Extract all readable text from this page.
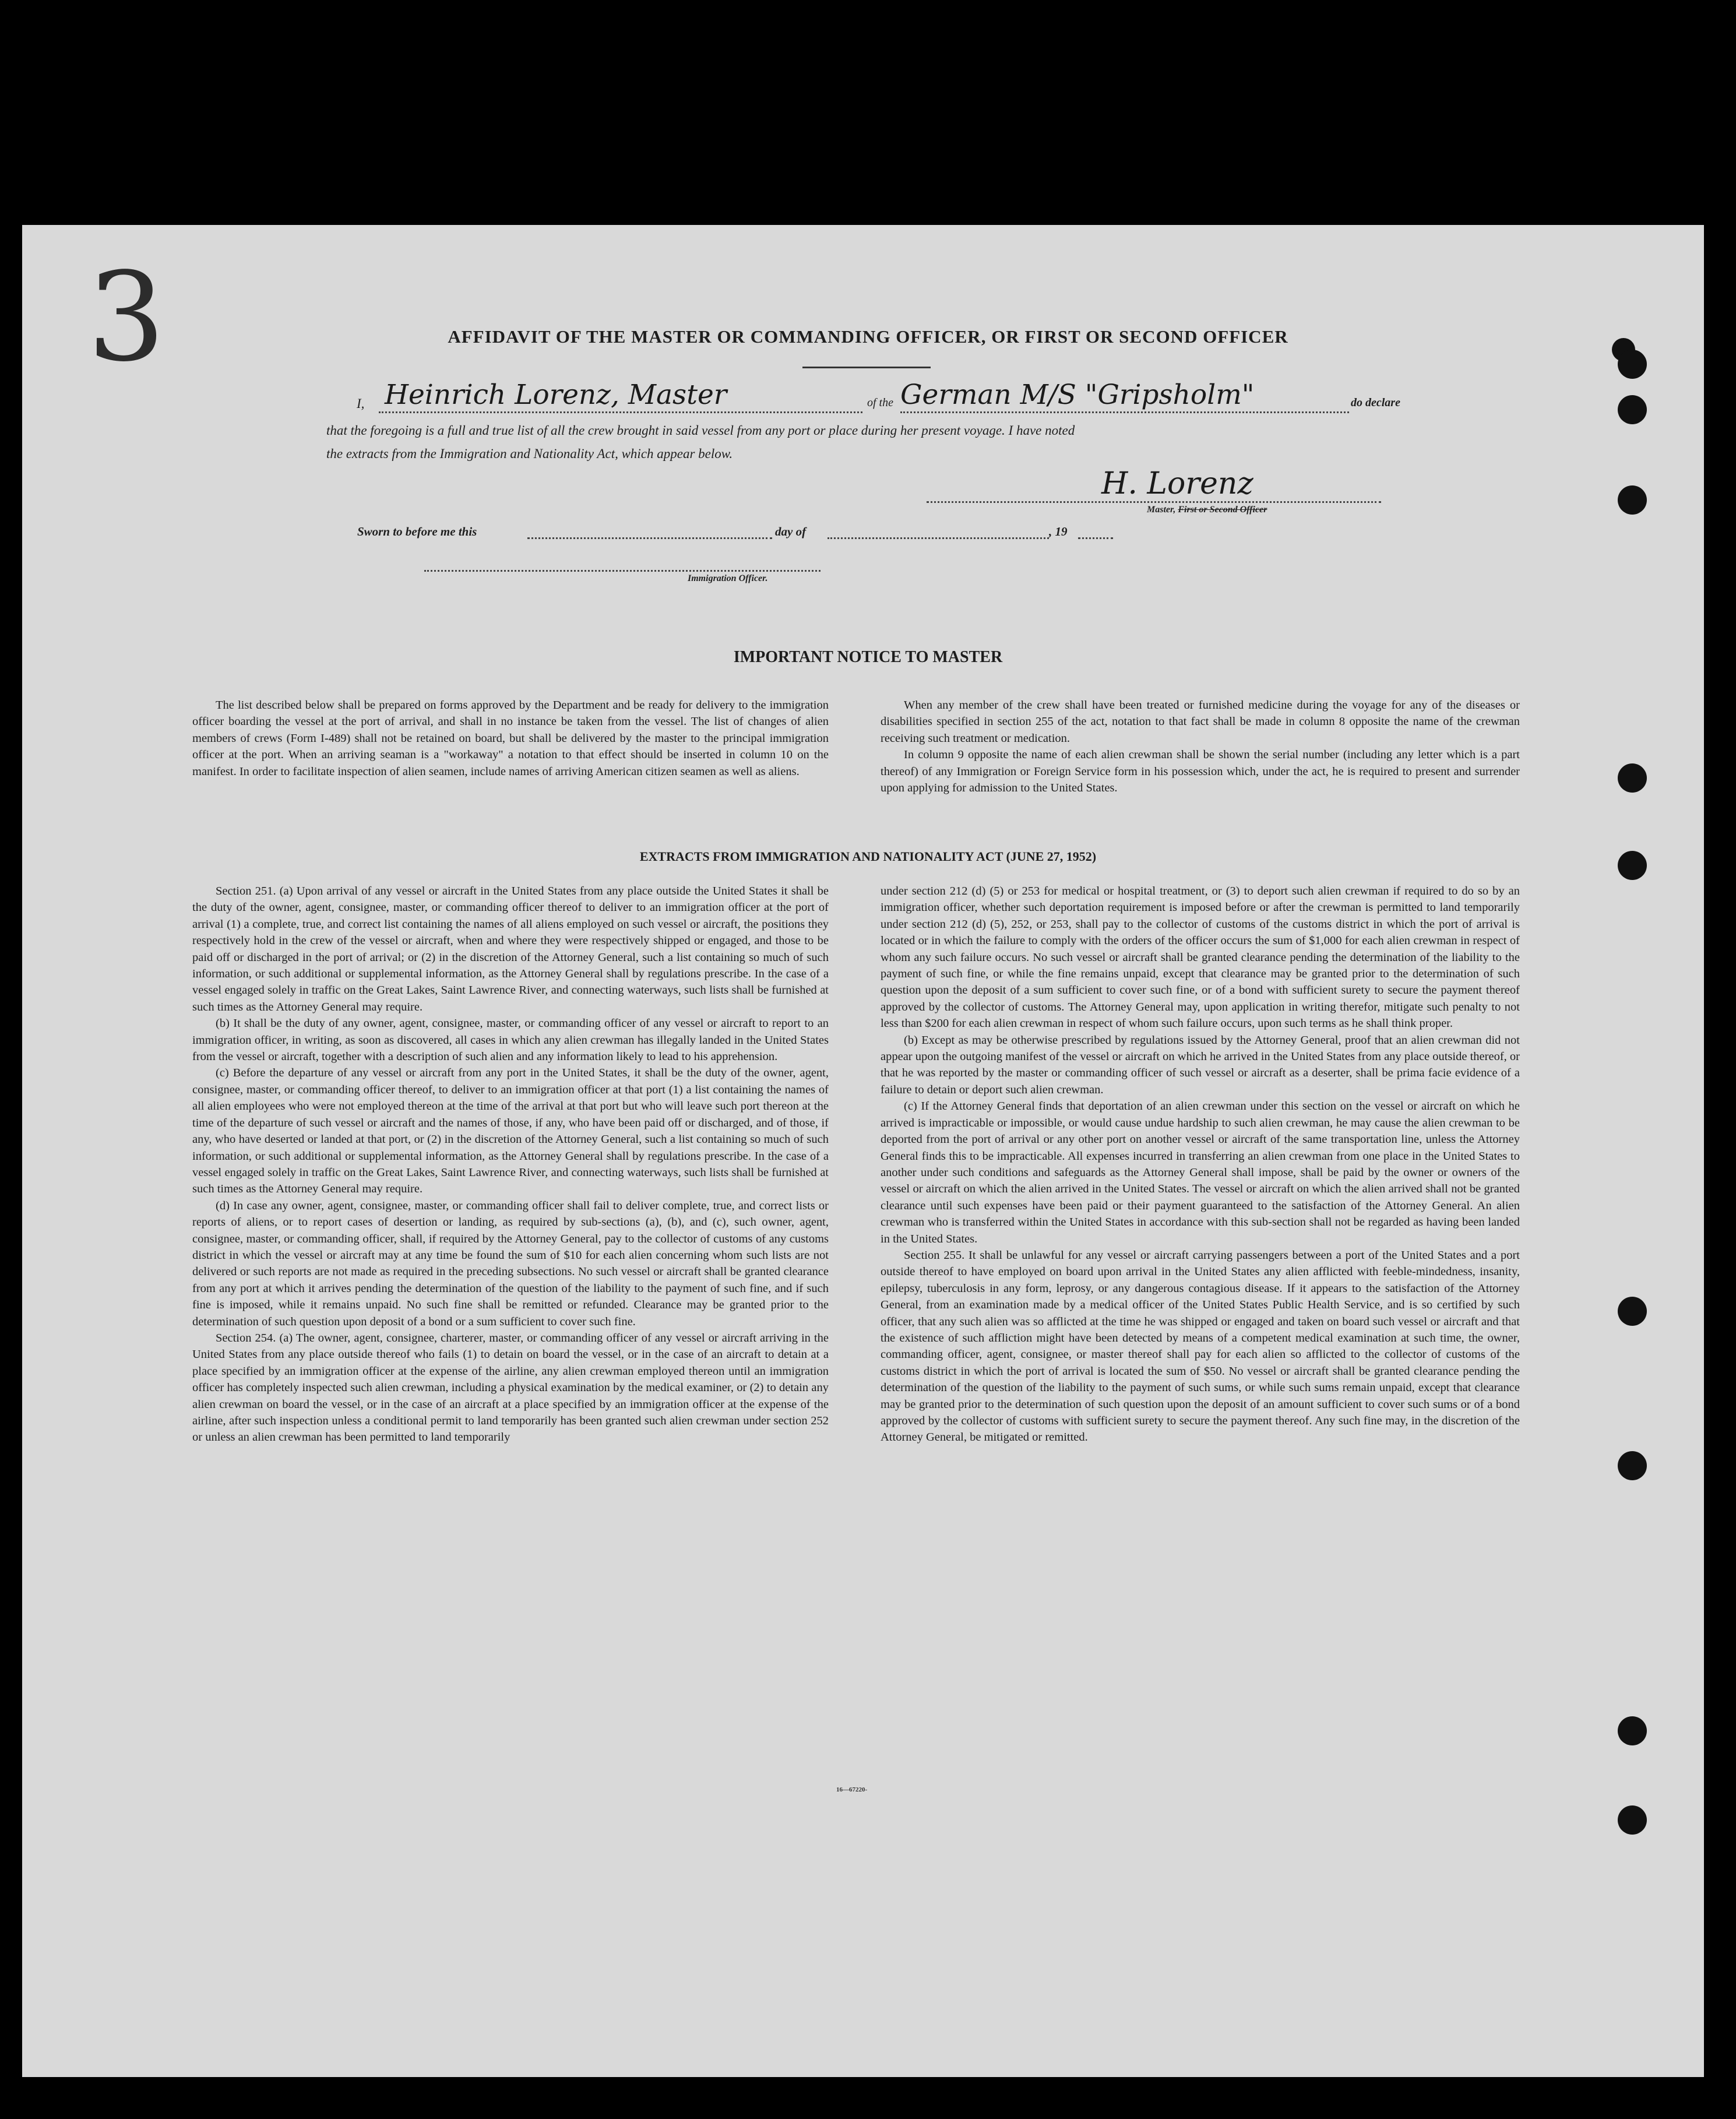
3	AFFIDAVIT OF THE MASTER OR COMMANDING OFFICER, OR FIRST OR SECOND OFFICER
I, Heinrich Lorenz, Master	of the German M/S "Gripsholm"	do declare
that the foregoing is a full and true list of all the crew brought in said vessel from any port or place during her present voyage. I have noted
the extracts from the Immigration and Nationality Act, which appear below.
H. Lorenz
Master, First or Second Officer
Sworn to before me this	day of	, 19
Immigration Officer.
IMPORTANT NOTICE TO MASTER

The list described below shall be prepared on forms approved by the Department and be ready for delivery to the immigration officer boarding the vessel at the port of arrival, and shall in no instance be taken from the vessel. The list of changes of alien members of crews (Form I-489) shall not be retained on board, but shall be delivered by the master to the principal immigration officer at the port. When an arriving seaman is a "workaway" a notation to that effect should be inserted in column 10 on the manifest. In order to facilitate inspection of alien seamen, include names of arriving American citizen seamen as well as aliens.

When any member of the crew shall have been treated or furnished medicine during the voyage for any of the diseases or disabilities specified in section 255 of the act, notation to that fact shall be made in column 8 opposite the name of the crewman receiving such treatment or medication.

In column 9 opposite the name of each alien crewman shall be shown the serial number (including any letter which is a part thereof) of any Immigration or Foreign Service form in his possession which, under the act, he is required to present and surrender upon applying for admission to the United States.

EXTRACTS FROM IMMIGRATION AND NATIONALITY ACT (JUNE 27, 1952)

Section 251. (a) Upon arrival of any vessel or aircraft in the United States from any place outside the United States it shall be the duty of the owner, agent, consignee, master, or commanding officer thereof to deliver to an immigration officer at the port of arrival (1) a complete, true, and correct list containing the names of all aliens employed on such vessel or aircraft, the positions they respectively hold in the crew of the vessel or aircraft, when and where they were respectively shipped or engaged, and those to be paid off or discharged in the port of arrival; or (2) in the discretion of the Attorney General, such a list containing so much of such information, or such additional or supplemental information, as the Attorney General shall by regulations prescribe. In the case of a vessel engaged solely in traffic on the Great Lakes, Saint Lawrence River, and connecting waterways, such lists shall be furnished at such times as the Attorney General may require.

(b) It shall be the duty of any owner, agent, consignee, master, or commanding officer of any vessel or aircraft to report to an immigration officer, in writing, as soon as discovered, all cases in which any alien crewman has illegally landed in the United States from the vessel or aircraft, together with a description of such alien and any information likely to lead to his apprehension.

(c) Before the departure of any vessel or aircraft from any port in the United States, it shall be the duty of the owner, agent, consignee, master, or commanding officer thereof, to deliver to an immigration officer at that port (1) a list containing the names of all alien employees who were not employed thereon at the time of the arrival at that port but who will leave such port thereon at the time of the departure of such vessel or aircraft and the names of those, if any, who have been paid off or discharged, and of those, if any, who have deserted or landed at that port, or (2) in the discretion of the Attorney General, such a list containing so much of such information, or such additional or supplemental information, as the Attorney General shall by regulations prescribe. In the case of a vessel engaged solely in traffic on the Great Lakes, Saint Lawrence River, and connecting waterways, such lists shall be furnished at such times as the Attorney General may require.

(d) In case any owner, agent, consignee, master, or commanding officer shall fail to deliver complete, true, and correct lists or reports of aliens, or to report cases of desertion or landing, as required by sub-sections (a), (b), and (c), such owner, agent, consignee, master, or commanding officer, shall, if required by the Attorney General, pay to the collector of customs of any customs district in which the vessel or aircraft may at any time be found the sum of $10 for each alien concerning whom such lists are not delivered or such reports are not made as required in the preceding subsections. No such vessel or aircraft shall be granted clearance from any port at which it arrives pending the determination of the question of the liability to the payment of such fine, and if such fine is imposed, while it remains unpaid. No such fine shall be remitted or refunded. Clearance may be granted prior to the determination of such question upon deposit of a bond or a sum sufficient to cover such fine.

Section 254. (a) The owner, agent, consignee, charterer, master, or commanding officer of any vessel or aircraft arriving in the United States from any place outside thereof who fails (1) to detain on board the vessel, or in the case of an aircraft to detain at a place specified by an immigration officer at the expense of the airline, any alien crewman employed thereon until an immigration officer has completely inspected such alien crewman, including a physical examination by the medical examiner, or (2) to detain any alien crewman on board the vessel, or in the case of an aircraft at a place specified by an immigration officer at the expense of the airline, after such inspection unless a conditional permit to land temporarily has been granted such alien crewman under section 252 or unless an alien crewman has been permitted to land temporarily

under section 212 (d) (5) or 253 for medical or hospital treatment, or (3) to deport such alien crewman if required to do so by an immigration officer, whether such deportation requirement is imposed before or after the crewman is permitted to land temporarily under section 212 (d) (5), 252, or 253, shall pay to the collector of customs of the customs district in which the port of arrival is located or in which the failure to comply with the orders of the officer occurs the sum of $1,000 for each alien crewman in respect of whom any such failure occurs. No such vessel or aircraft shall be granted clearance pending the determination of the liability to the payment of such fine, or while the fine remains unpaid, except that clearance may be granted prior to the determination of such question upon the deposit of a sum sufficient to cover such fine, or of a bond with sufficient surety to secure the payment thereof approved by the collector of customs. The Attorney General may, upon application in writing therefor, mitigate such penalty to not less than $200 for each alien crewman in respect of whom such failure occurs, upon such terms as he shall think proper.

(b) Except as may be otherwise prescribed by regulations issued by the Attorney General, proof that an alien crewman did not appear upon the outgoing manifest of the vessel or aircraft on which he arrived in the United States from any place outside thereof, or that he was reported by the master or commanding officer of such vessel or aircraft as a deserter, shall be prima facie evidence of a failure to detain or deport such alien crewman.

(c) If the Attorney General finds that deportation of an alien crewman under this section on the vessel or aircraft on which he arrived is impracticable or impossible, or would cause undue hardship to such alien crewman, he may cause the alien crewman to be deported from the port of arrival or any other port on another vessel or aircraft of the same transportation line, unless the Attorney General finds this to be impracticable. All expenses incurred in transferring an alien crewman from one place in the United States to another under such conditions and safeguards as the Attorney General shall impose, shall be paid by the owner or owners of the vessel or aircraft on which the alien arrived in the United States. The vessel or aircraft on which the alien arrived shall not be granted clearance until such expenses have been paid or their payment guaranteed to the satisfaction of the Attorney General. An alien crewman who is transferred within the United States in accordance with this sub-section shall not be regarded as having been landed in the United States.

Section 255. It shall be unlawful for any vessel or aircraft carrying passengers between a port of the United States and a port outside thereof to have employed on board upon arrival in the United States any alien afflicted with feeble-mindedness, insanity, epilepsy, tuberculosis in any form, leprosy, or any dangerous contagious disease. If it appears to the satisfaction of the Attorney General, from an examination made by a medical officer of the United States Public Health Service, and is so certified by such officer, that any such alien was so afflicted at the time he was shipped or engaged and taken on board such vessel or aircraft and that the existence of such affliction might have been detected by means of a competent medical examination at such time, the owner, commanding officer, agent, consignee, or master thereof shall pay for each alien so afflicted to the collector of customs of the customs district in which the port of arrival is located the sum of $50. No vessel or aircraft shall be granted clearance pending the determination of the question of the liability to the payment of such sums, or while such sums remain unpaid, except that clearance may be granted prior to the determination of such question upon the deposit of an amount sufficient to cover such sums or of a bond approved by the collector of customs with sufficient surety to secure the payment thereof. Any such fine may, in the discretion of the Attorney General, be mitigated or remitted.

16—67220-
